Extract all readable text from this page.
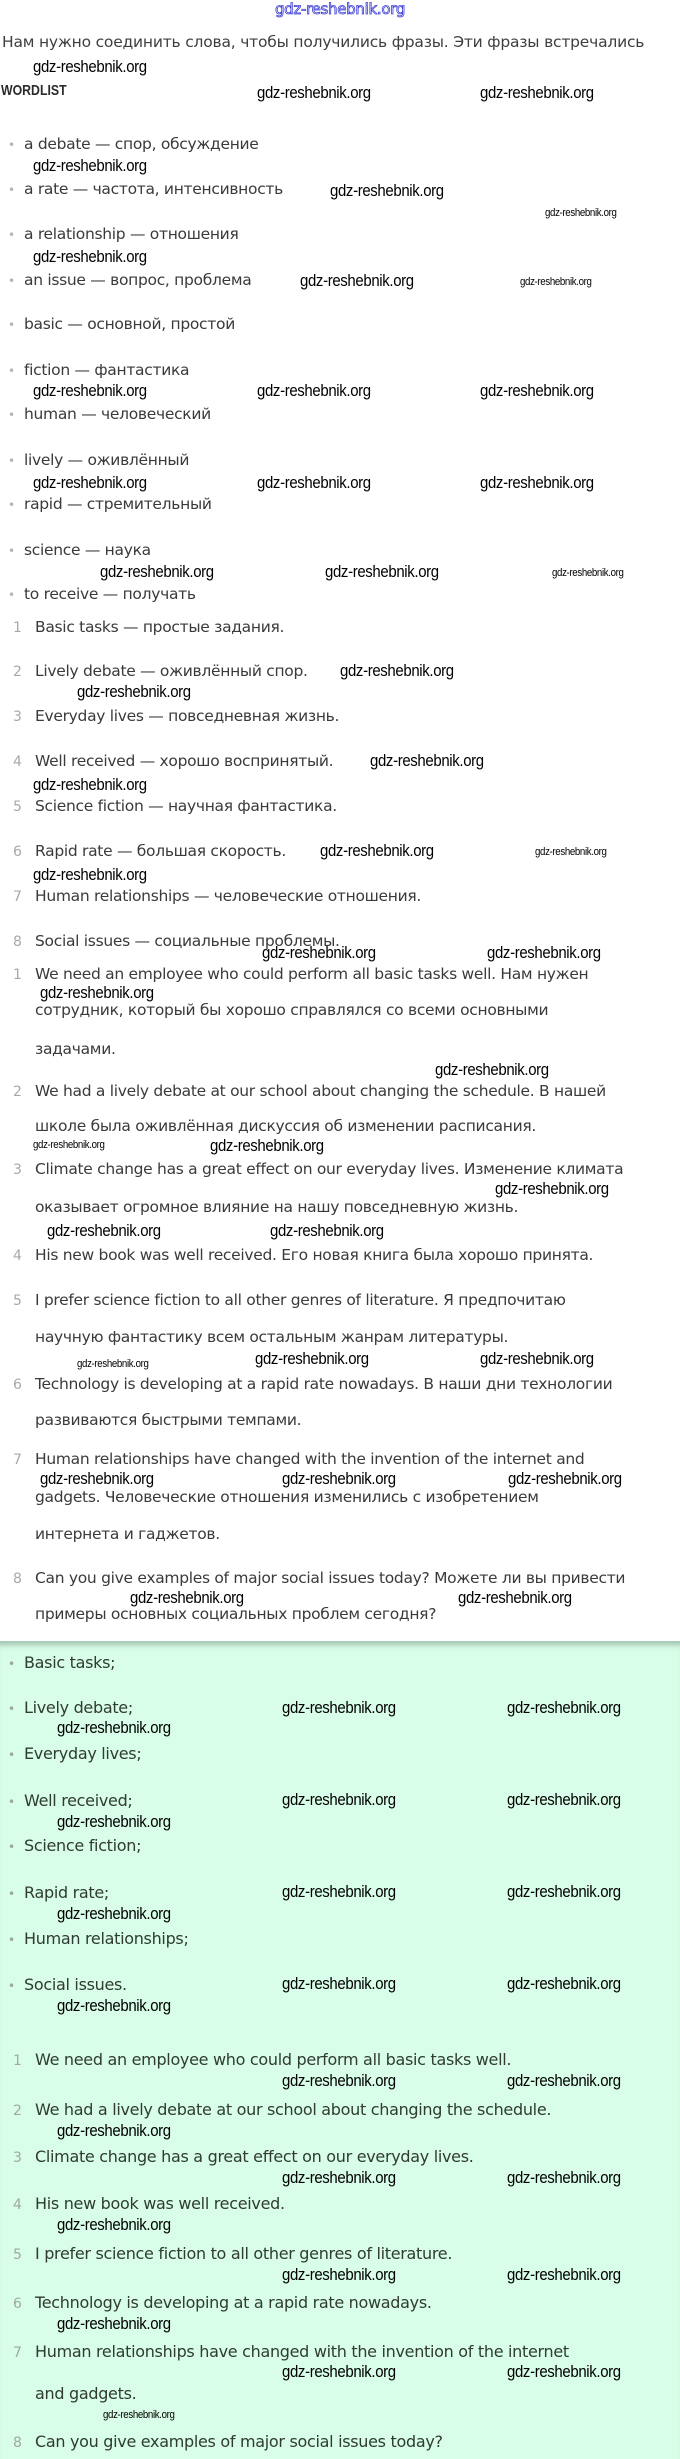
gdz-reshebnik.org
Нам нужно соединить слова, чтобы получились фразы. Эти фразы встречались
WORDLIST
• a debate — спор, обсуждение
• a rate — частота, интенсивность
• a relationship — отношения
• an issue — вопрос, проблема
• basic — основной, простой
• fiction — фантастика
• human — человеческий
• lively — оживлённый
• rapid — стремительный
• science — наука
• to receive — получать
1 Basic tasks — простые задания.
2 Lively debate — оживлённый спор.
3 Everyday lives — повседневная жизнь.
4 Well received — хорошо воспринятый.
5 Science fiction — научная фантастика.
6 Rapid rate — большая скорость.
7 Human relationships — человеческие отношения.
8 Social issues — социальные проблемы.
1 We need an employee who could perform all basic tasks well. Нам нужен
сотрудник, который бы хорошо справлялся со всеми основными
задачами.
2 We had a lively debate at our school about changing the schedule. В нашей
школе была оживлённая дискуссия об изменении расписания.
3 Climate change has a great effect on our everyday lives. Изменение климата
оказывает огромное влияние на нашу повседневную жизнь.
4 His new book was well received. Его новая книга была хорошо принята.
5 I prefer science fiction to all other genres of literature. Я предпочитаю
научную фантастику всем остальным жанрам литературы.
6 Technology is developing at a rapid rate nowadays. В наши дни технологии
развиваются быстрыми темпами.
7 Human relationships have changed with the invention of the internet and
gadgets. Человеческие отношения изменились с изобретением
интернета и гаджетов.
8 Can you give examples of major social issues today? Можете ли вы привести
примеры основных социальных проблем сегодня?
• Basic tasks;
• Lively debate;
• Everyday lives;
• Well received;
• Science fiction;
• Rapid rate;
• Human relationships;
• Social issues.
1 We need an employee who could perform all basic tasks well.
2 We had a lively debate at our school about changing the schedule.
3 Climate change has a great effect on our everyday lives.
4 His new book was well received.
5 I prefer science fiction to all other genres of literature.
6 Technology is developing at a rapid rate nowadays.
7 Human relationships have changed with the invention of the internet
and gadgets.
8 Can you give examples of major social issues today?
gdz-reshebnik.org
gdz-reshebnik.org	gdz-reshebnik.org
gdz-reshebnik.org
gdz-reshebnik.org
gdz-reshebnik.org
gdz-reshebnik.org
gdz-reshebnik.org	gdz-reshebnik.org
gdz-reshebnik.org	gdz-reshebnik.org	gdz-reshebnik.org
gdz-reshebnik.org	gdz-reshebnik.org	gdz-reshebnik.org
gdz-reshebnik.org	gdz-reshebnik.org	gdz-reshebnik.org
gdz-reshebnik.org
gdz-reshebnik.org
gdz-reshebnik.org
gdz-reshebnik.org
gdz-reshebnik.org	gdz-reshebnik.org
gdz-reshebnik.org
gdz-reshebnik.org	gdz-reshebnik.org
gdz-reshebnik.org
gdz-reshebnik.org
gdz-reshebnik.org
gdz-reshebnik.org
gdz-reshebnik.org
gdz-reshebnik.org	gdz-reshebnik.org
gdz-reshebnik.org	gdz-reshebnik.org
gdz-reshebnik.org
gdz-reshebnik.org	gdz-reshebnik.org	gdz-reshebnik.org
gdz-reshebnik.org	gdz-reshebnik.org
gdz-reshebnik.org
gdz-reshebnik.org
gdz-reshebnik.org
gdz-reshebnik.org	gdz-reshebnik.org
gdz-reshebnik.org
gdz-reshebnik.org	gdz-reshebnik.org
gdz-reshebnik.org
gdz-reshebnik.org	gdz-reshebnik.org
gdz-reshebnik.org
gdz-reshebnik.org	gdz-reshebnik.org
gdz-reshebnik.org
gdz-reshebnik.org	gdz-reshebnik.org
gdz-reshebnik.org
gdz-reshebnik.org	gdz-reshebnik.org
gdz-reshebnik.org
gdz-reshebnik.org	gdz-reshebnik.org
gdz-reshebnik.org
